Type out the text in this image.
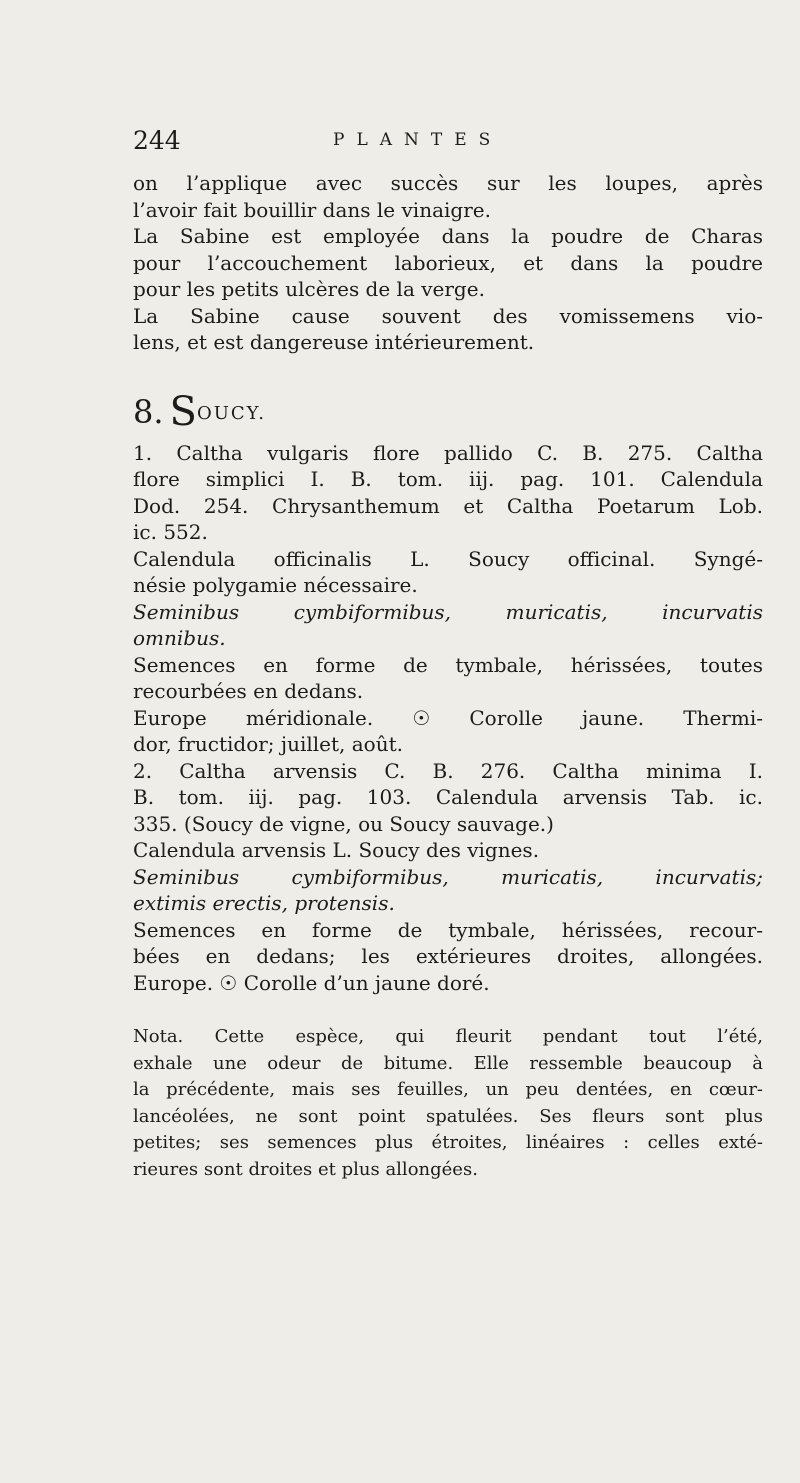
244	PLANTES
on l’applique avec succès sur les loupes, après
l’avoir fait bouillir dans le vinaigre.
La Sabine est employée dans la poudre de Charas
pour l’accouchement laborieux, et dans la poudre
pour les petits ulcères de la verge.
La Sabine cause souvent des vomissemens vio-
lens, et est dangereuse intérieurement.
8. S OUCY.
1. Caltha vulgaris flore pallido C. B. 275. Caltha
flore simplici I. B. tom. iij. pag. 101. Calendula
Dod. 254. Chrysanthemum et Caltha Poetarum Lob.
ic. 552.
Calendula officinalis L. Soucy officinal. Syngé-
nésie polygamie nécessaire.
Seminibus cymbiformibus, muricatis, incurvatis
omnibus.
Semences en forme de tymbale, hérissées, toutes
recourbées en dedans.
Europe méridionale. ☉ Corolle jaune. Thermi-
dor, fructidor; juillet, août.
2. Caltha arvensis C. B. 276. Caltha minima I.
B. tom. iij. pag. 103. Calendula arvensis Tab. ic.
335. (Soucy de vigne, ou Soucy sauvage.)
Calendula arvensis L. Soucy des vignes.
Seminibus cymbiformibus, muricatis, incurvatis;
extimis erectis, protensis.
Semences en forme de tymbale, hérissées, recour-
bées en dedans; les extérieures droites, allongées.
Europe. ☉ Corolle d’un jaune doré.
Nota. Cette espèce, qui fleurit pendant tout l’été,
exhale une odeur de bitume. Elle ressemble beaucoup à
la précédente, mais ses feuilles, un peu dentées, en cœur-
lancéolées, ne sont point spatulées. Ses fleurs sont plus
petites; ses semences plus étroites, linéaires : celles exté-
rieures sont droites et plus allongées.
